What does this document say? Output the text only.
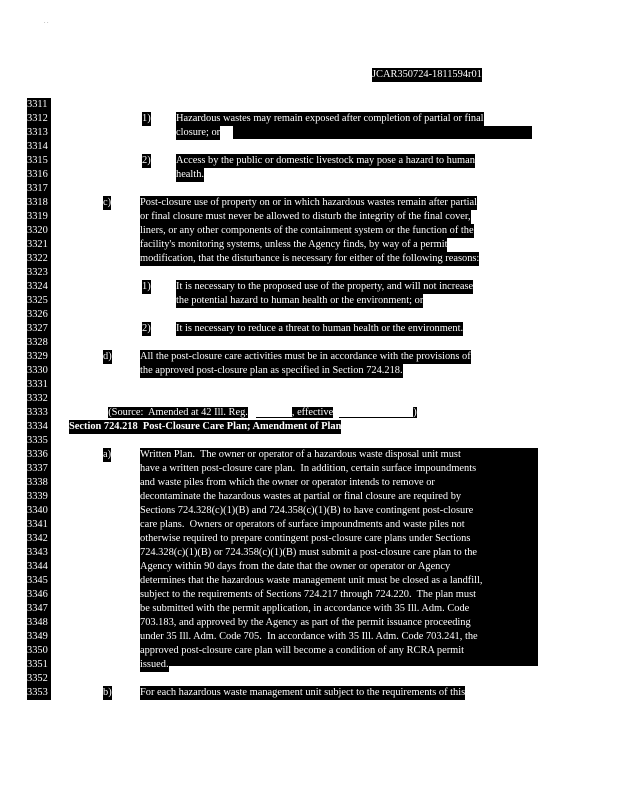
. .
JCAR350724-1811594r01
3311
3312
3313
3314
3315
3316
3317
3318
3319
3320
3321
3322
3323
3324
3325
3326
3327
3328
3329
3330
3331
3332
3333
3334
3335
3336
3337
3338
3339
3340
3341
3342
3343
3344
3345
3346
3347
3348
3349
3350
3351
3352
3353
1) Hazardous wastes may remain exposed after completion of partial or final
closure; or
2) Access by the public or domestic livestock may pose a hazard to human
health.
c)	Post-closure use of property on or in which hazardous wastes remain after partial
or final closure must never be allowed to disturb the integrity of the final cover,
liners, or any other components of the containment system or the function of the
facility's monitoring systems, unless the Agency finds, by way of a permit
modification, that the disturbance is necessary for either of the following reasons:
1) It is necessary to the proposed use of the property, and will not increase
the potential hazard to human health or the environment; or
2) It is necessary to reduce a threat to human health or the environment.
d)	All the post-closure care activities must be in accordance with the provisions of
the approved post-closure plan as specified in Section 724.218.

(Source:  Amended at 42 Ill. Reg.	, effective	)

Section 724.218  Post-Closure Care Plan; Amendment of Plan
a)	Written Plan.  The owner or operator of a hazardous waste disposal unit must
have a written post-closure care plan.  In addition, certain surface impoundments
and waste piles from which the owner or operator intends to remove or
decontaminate the hazardous wastes at partial or final closure are required by
Sections 724.328(c)(1)(B) and 724.358(c)(1)(B) to have contingent post-closure
care plans.  Owners or operators of surface impoundments and waste piles not
otherwise required to prepare contingent post-closure care plans under Sections
724.328(c)(1)(B) or 724.358(c)(1)(B) must submit a post-closure care plan to the
Agency within 90 days from the date that the owner or operator or Agency
determines that the hazardous waste management unit must be closed as a landfill,
subject to the requirements of Sections 724.217 through 724.220.  The plan must
be submitted with the permit application, in accordance with 35 Ill. Adm. Code
703.183, and approved by the Agency as part of the permit issuance proceeding
under 35 Ill. Adm. Code 705.  In accordance with 35 Ill. Adm. Code 703.241, the
approved post-closure care plan will become a condition of any RCRA permit
issued.
b)	For each hazardous waste management unit subject to the requirements of this
